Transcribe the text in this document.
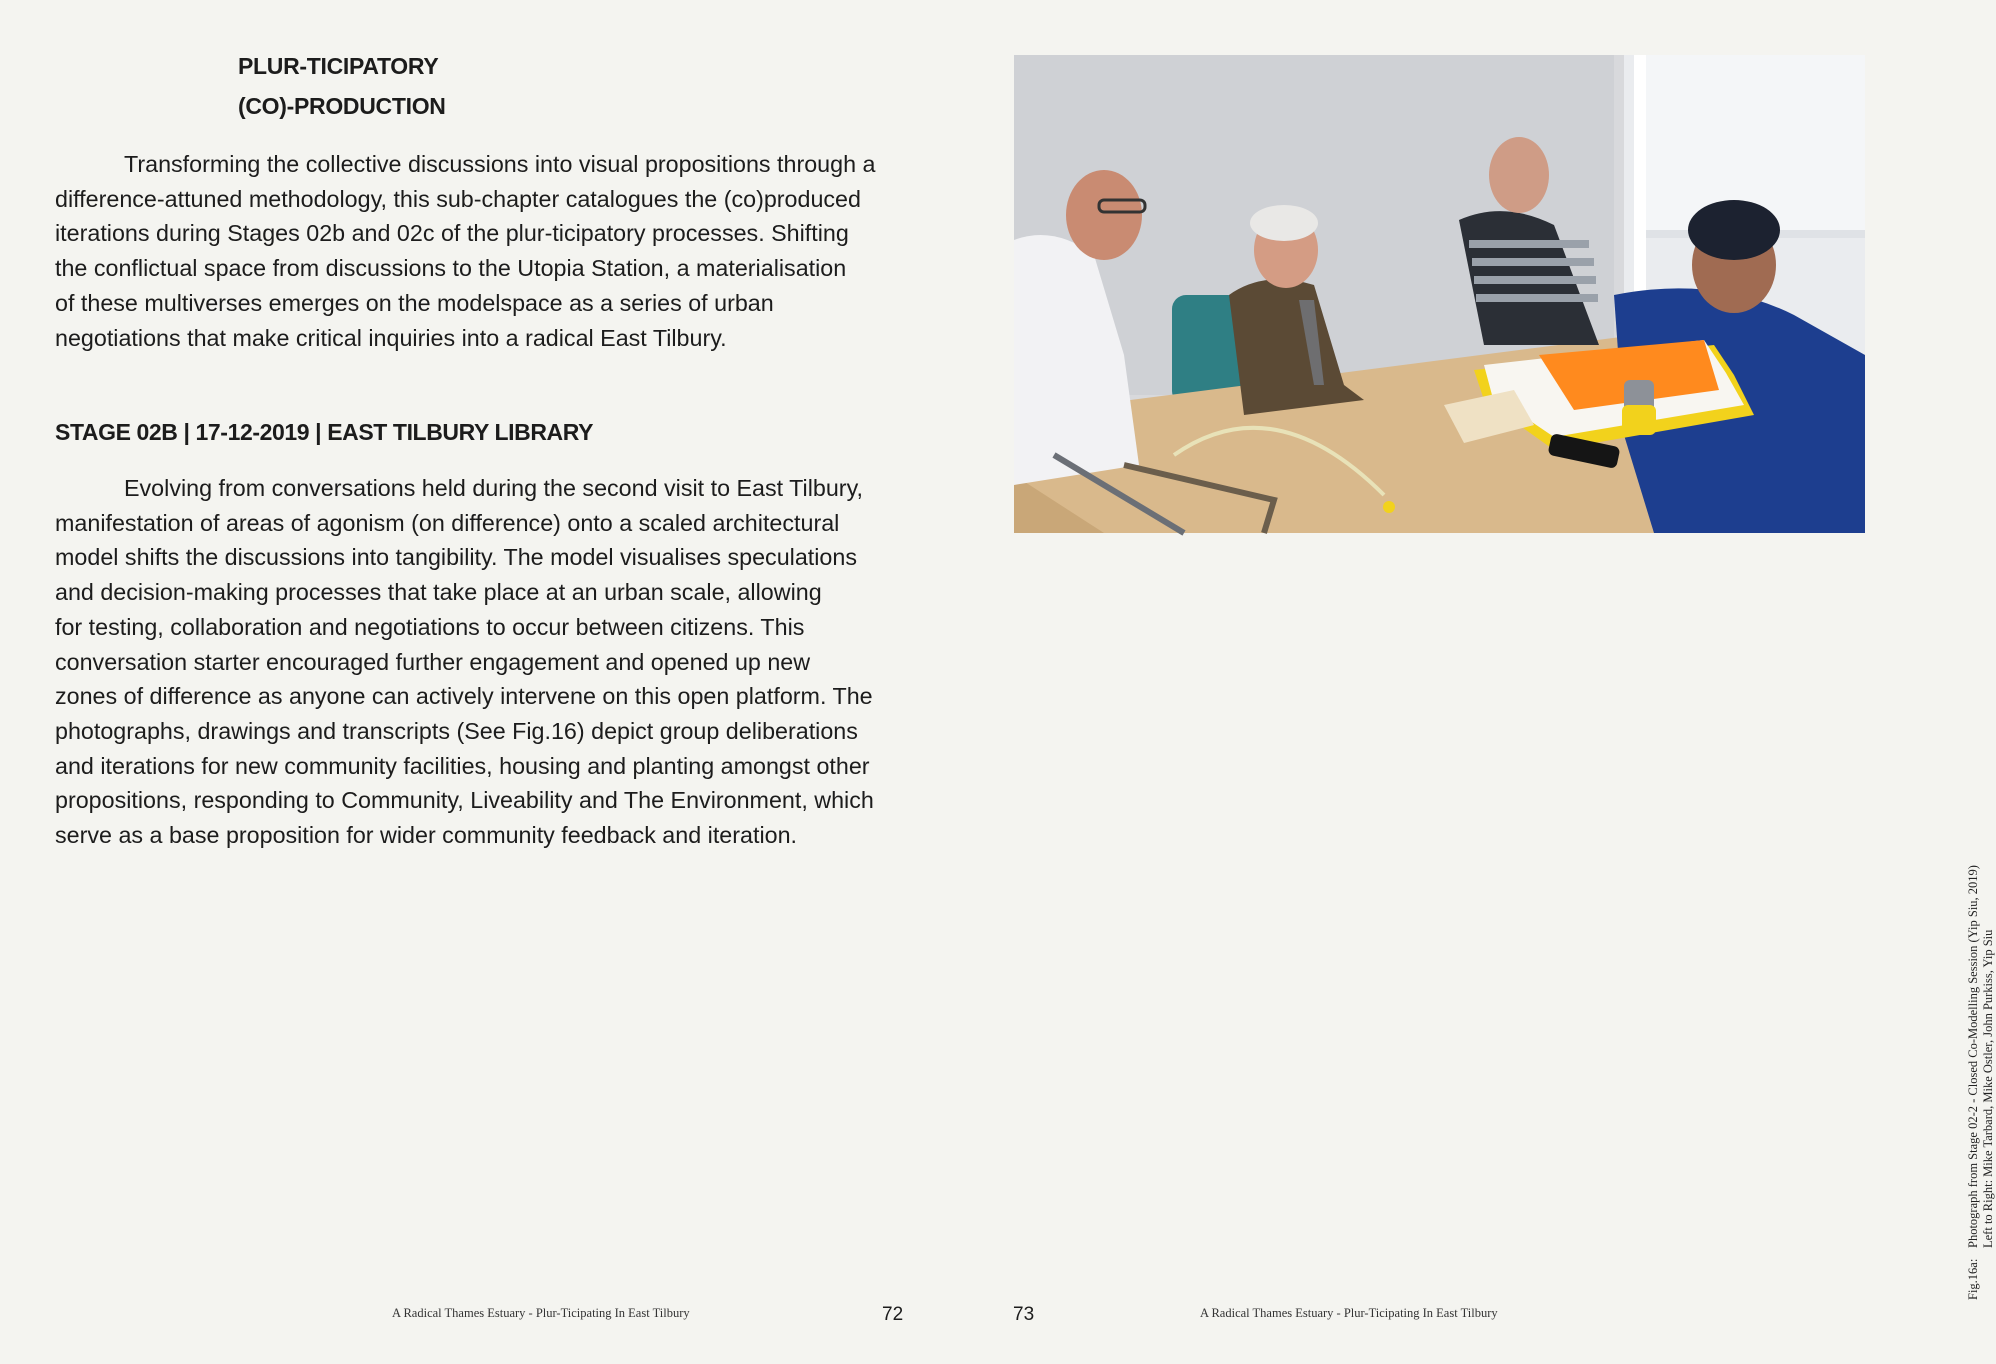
PLUR-TICIPATORY
(CO)-PRODUCTION

Transforming the collective discussions into visual propositions through a
difference-attuned methodology, this sub-chapter catalogues the (co)produced
iterations during Stages 02b and 02c of the plur-ticipatory processes. Shifting
the conflictual space from discussions to the Utopia Station, a materialisation
of these multiverses emerges on the modelspace as a series of urban
negotiations that make critical inquiries into a radical East Tilbury.

STAGE 02B | 17-12-2019 | EAST TILBURY LIBRARY

Evolving from conversations held during the second visit to East Tilbury,
manifestation of areas of agonism (on difference) onto a scaled architectural
model shifts the discussions into tangibility. The model visualises speculations
and decision-making processes that take place at an urban scale, allowing
for testing, collaboration and negotiations to occur between citizens. This
conversation starter encouraged further engagement and opened up new
zones of difference as anyone can actively intervene on this open platform. The
photographs, drawings and transcripts (See Fig.16) depict group deliberations
and iterations for new community facilities, housing and planting amongst other
propositions, responding to Community, Liveability and The Environment, which
serve as a base proposition for wider community feedback and iteration.

A Radical Thames Estuary - Plur-Ticipating In East Tilbury	72
Fig.16a:Photograph from Stage 02-2 - Closed Co-Modelling Session (Yip Siu, 2019) Left to Right: Mike Tarbard, Mike Ostler, John Purkiss, Yip Siu
73	A Radical Thames Estuary - Plur-Ticipating In East Tilbury
